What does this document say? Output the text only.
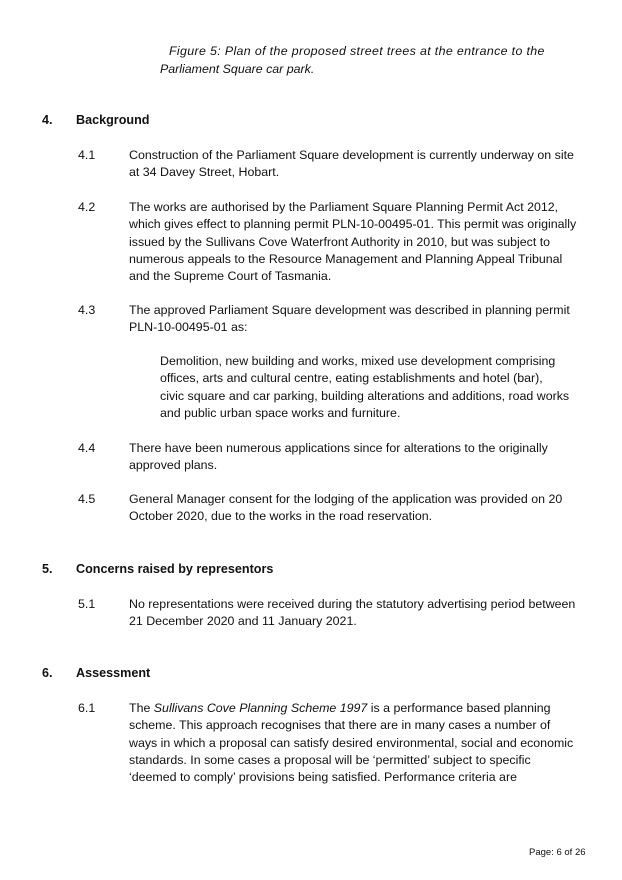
Figure 5: Plan of the proposed street trees at the entrance to the
Parliament Square car park.
4. Background
4.1	Construction of the Parliament Square development is currently underway on site at 34 Davey Street, Hobart.
4.2	The works are authorised by the Parliament Square Planning Permit Act 2012, which gives effect to planning permit PLN-10-00495-01. This permit was originally issued by the Sullivans Cove Waterfront Authority in 2010, but was subject to numerous appeals to the Resource Management and Planning Appeal Tribunal and the Supreme Court of Tasmania.
4.3	The approved Parliament Square development was described in planning permit PLN-10-00495-01 as:
Demolition, new building and works, mixed use development comprising offices, arts and cultural centre, eating establishments and hotel (bar), civic square and car parking, building alterations and additions, road works and public urban space works and furniture.
4.4	There have been numerous applications since for alterations to the originally approved plans.
4.5	General Manager consent for the lodging of the application was provided on 20 October 2020, due to the works in the road reservation.
5. Concerns raised by representors
5.1	No representations were received during the statutory advertising period between 21 December 2020 and 11 January 2021.
6. Assessment
6.1	The Sullivans Cove Planning Scheme 1997 is a performance based planning scheme. This approach recognises that there are in many cases a number of ways in which a proposal can satisfy desired environmental, social and economic standards. In some cases a proposal will be ‘permitted’ subject to specific ‘deemed to comply’ provisions being satisfied. Performance criteria are
Page: 6 of 26
